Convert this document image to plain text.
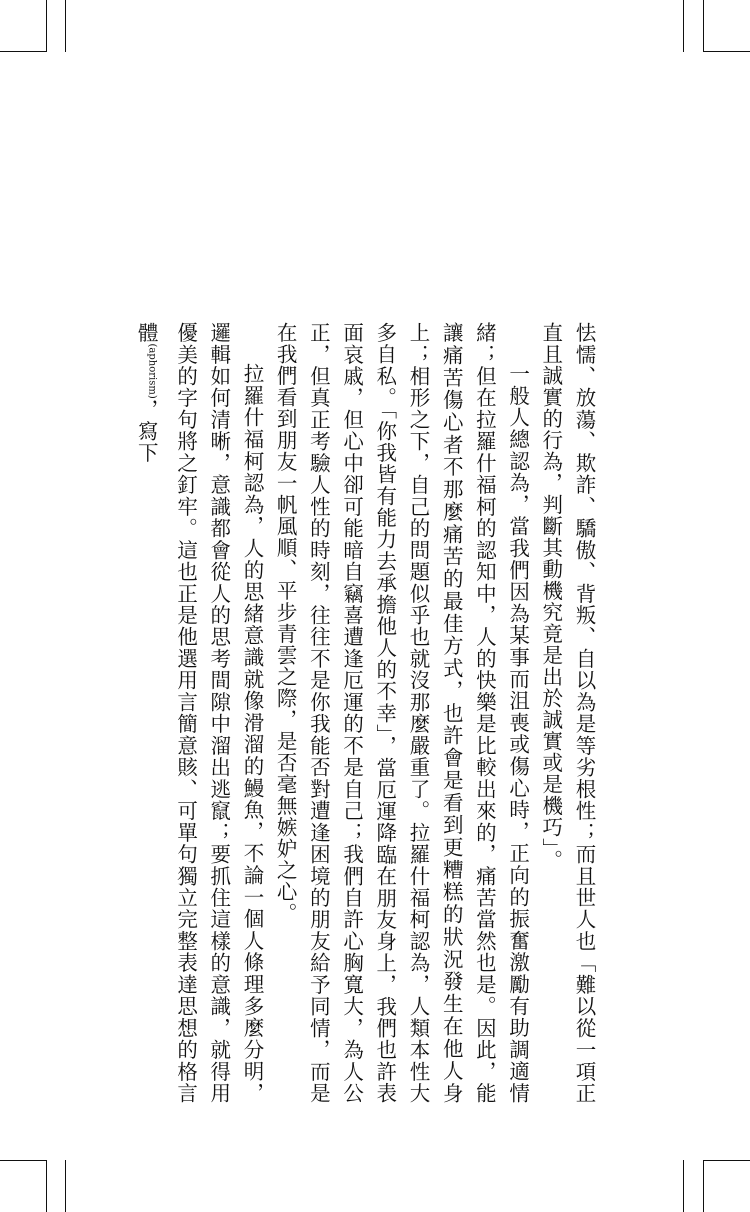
怯懦、放蕩、欺詐、驕傲、背叛、自以為是等劣根性；而且世人也「難以從一項正直且誠實的行為，判斷其動機究竟是出於誠實或是機巧」。

一般人總認為，當我們因為某事而沮喪或傷心時，正向的振奮激勵有助調適情緒；但在拉羅什福柯的認知中，人的快樂是比較出來的，痛苦當然也是。因此，能讓痛苦傷心者不那麼痛苦的最佳方式，也許會是看到更糟糕的狀況發生在他人身上；相形之下，自己的問題似乎也就沒那麼嚴重了。拉羅什福柯認為，人類本性大多自私。「你我皆有能力去承擔他人的不幸」，當厄運降臨在朋友身上，我們也許表面哀戚，但心中卻可能暗自竊喜遭逢厄運的不是自己；我們自許心胸寬大，為人公正，但真正考驗人性的時刻，往往不是你我能否對遭逢困境的朋友給予同情，而是在我們看到朋友一帆風順、平步青雲之際，是否毫無嫉妒之心。

拉羅什福柯認為，人的思緒意識就像滑溜的鰻魚，不論一個人條理多麼分明，邏輯如何清晰，意識都會從人的思考間隙中溜出逃竄；要抓住這樣的意識，就得用優美的字句將之釘牢。這也正是他選用言簡意賅、可單句獨立完整表達思想的格言體(aphorism)，寫下
